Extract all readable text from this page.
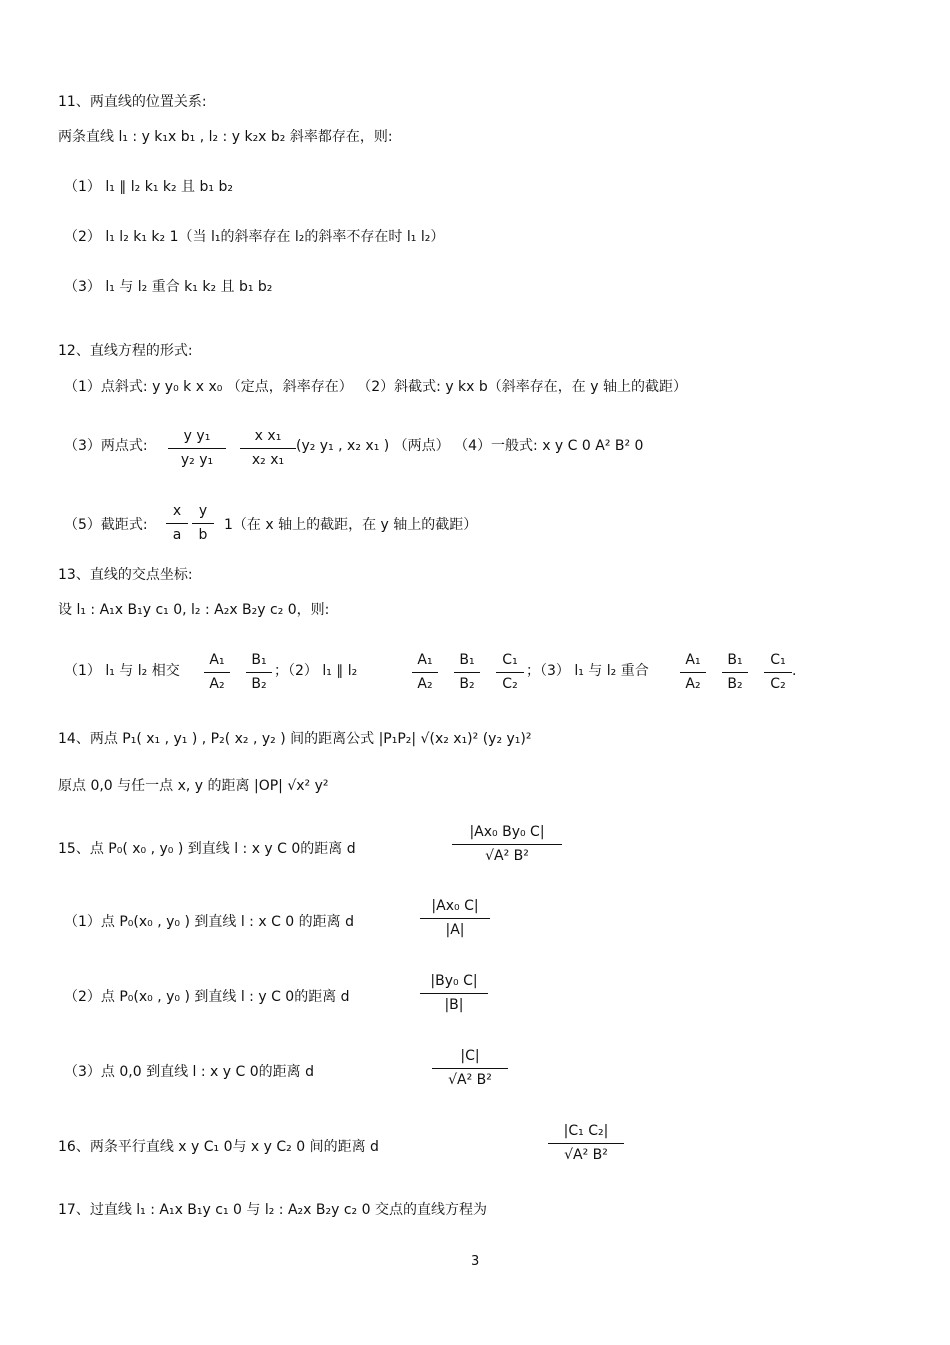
11、两直线的位置关系:
两条直线 l₁ : y k₁x b₁ , l₂ : y k₂x b₂ 斜率都存在，则:
（1） l₁ ∥ l₂ k₁ k₂ 且 b₁ b₂
（2） l₁ l₂ k₁ k₂ 1（当 l₁的斜率存在 l₂的斜率不存在时 l₁ l₂）
（3） l₁ 与 l₂ 重合 k₁ k₂ 且 b₁ b₂
12、直线方程的形式:
（1）点斜式: y y₀ k x x₀ （定点，斜率存在） （2）斜截式: y kx b（斜率存在，在 y 轴上的截距）
（3）两点式:	(y₂ y₁ , x₂ x₁ ) （两点） （4）一般式: x y C 0 A² B² 0
（5）截距式:	1（在 x 轴上的截距，在 y 轴上的截距）
13、直线的交点坐标:
设 l₁ : A₁x B₁y c₁ 0, l₂ : A₂x B₂y c₂ 0，则:
（1） l₁ 与 l₂ 相交	；（2） l₁ ∥ l₂	；（3） l₁ 与 l₂ 重合	.
14、两点 P₁( x₁ , y₁ ) , P₂( x₂ , y₂ ) 间的距离公式 |P₁P₂| √(x₂ x₁)² (y₂ y₁)²
原点 0,0 与任一点 x, y 的距离 |OP| √x² y²
15、点 P₀( x₀ , y₀ ) 到直线 l : x y C 0的距离 d
（1）点 P₀(x₀ , y₀ ) 到直线 l : x C 0 的距离 d
（2）点 P₀(x₀ , y₀ ) 到直线 l : y C 0的距离 d
（3）点 0,0 到直线 l : x y C 0的距离 d
16、两条平行直线 x y C₁ 0与 x y C₂ 0 间的距离 d
17、过直线 l₁ : A₁x B₁y c₁ 0 与 l₂ : A₂x B₂y c₂ 0 交点的直线方程为
y y₁
y₂ y₁
x x₁
x₂ x₁
x
a
y
b
A₁
A₂
B₁
B₂
A₁
A₂
B₁
B₂
C₁
C₂
A₁
A₂
B₁
B₂
C₁
C₂
|Ax₀ By₀ C|
√A² B²
|Ax₀ C|
|A|
|By₀ C|
|B|
|C|
√A² B²
|C₁ C₂|
√A² B²
3
